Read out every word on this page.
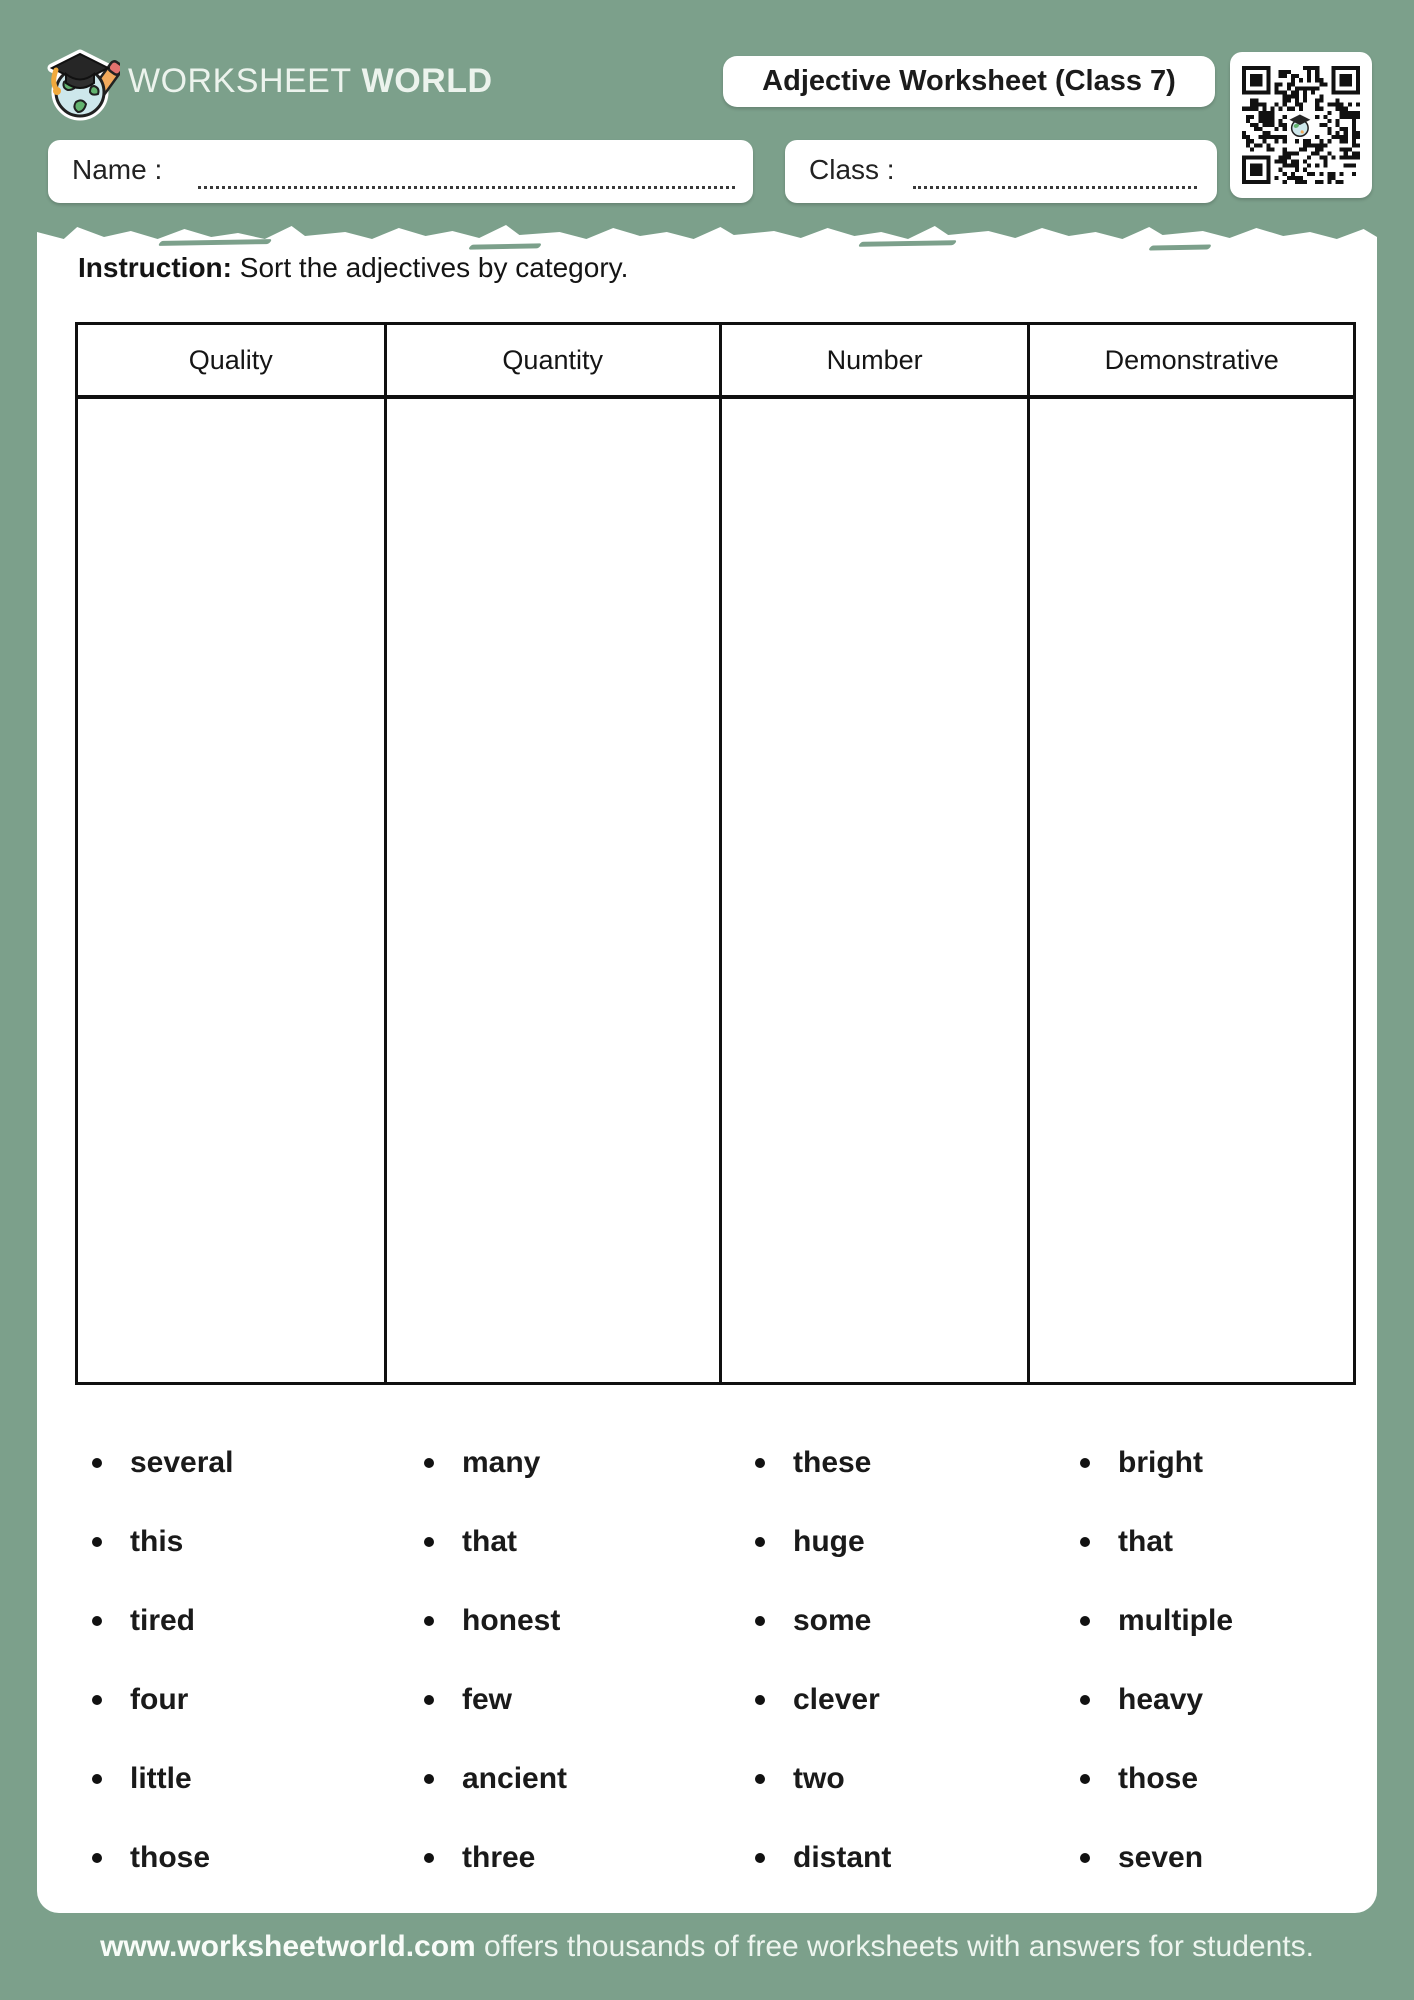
WORKSHEET WORLD	Adjective Worksheet (Class 7)
Name :	Class :
Instruction: Sort the adjectives by category.
Quality	Quantity	Number	Demonstrative
several	many	these	bright
this	that	huge	that
tired	honest	some	multiple
four	few	clever	heavy
little	ancient	two	those
those	three	distant	seven
www.worksheetworld.com offers thousands of free worksheets with answers for students.
